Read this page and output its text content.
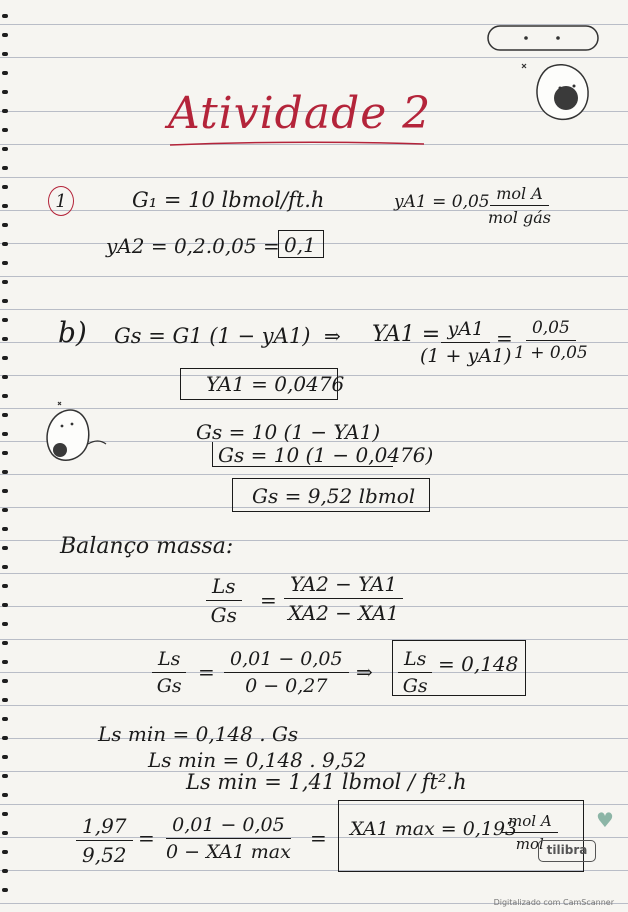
Atividade 2
1	G₁ = 10 lbmol/ft.h	yA1 = 0,05 mol A
mol gás
yA2 = 0,2.0,05 = 0,1
b) Gs = G1 (1 − yA1) ⇒ YA1 =
$\frac{yA1}{(1 + yA1)}$
= $\frac{0,05}{1 + 0,05}$
YA1 = 0,0476
Gs = 10 (1 − YA1)
Gs = 10 (1 − 0,0476)
Gs = 9,52 lbmol
Balanço massa:
$\frac{Ls}{Gs} = \frac{YA2 - YA1}{XA2 - XA1}$
$\frac{Ls}{Gs} = \frac{0,01 - 0,05}{0 - 0,27}$ ⇒ $\frac{Ls}{Gs} = 0,148$
Ls min = 0,148 . Gs
Ls min = 0,148 . 9,52
Ls min = 1,41 lbmol / ft².h
$\frac{1,97}{9,52}$ =
0,01 − 0,05
0 − XA1 max
= XA1 max = 0,193
mol A
mol
♥
tilibra
Digitalizado com CamScanner
